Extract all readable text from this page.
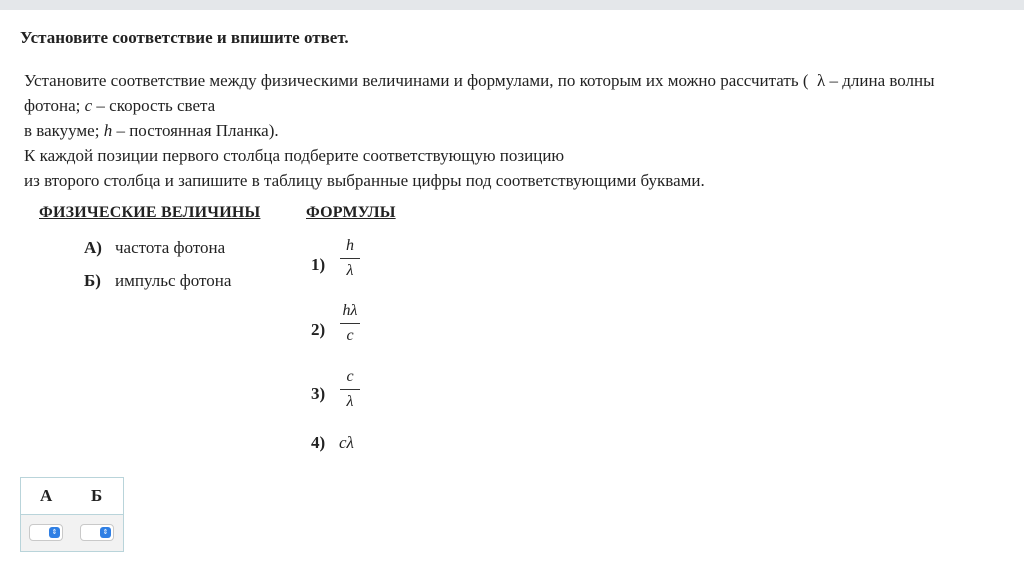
Установите соответствие и впишите ответ.
Установите соответствие между физическими величинами и формулами, по которым их можно рассчитать ( λ – длина волны
фотона; c – скорость света
в вакууме; h – постоянная Планка).
К каждой позиции первого столбца подберите соответствующую позицию
из второго столбца и запишите в таблицу выбранные цифры под соответствующими буквами.
ФИЗИЧЕСКИЕ ВЕЛИЧИНЫ	ФОРМУЛЫ
А) частота фотона
Б) импульс фотона
$1) \frac{h}{\lambda}$
$2) \frac{h\lambda}{c}$
$3) \frac{c}{\lambda}$
4) cλ
А Б
⇕	⇕
